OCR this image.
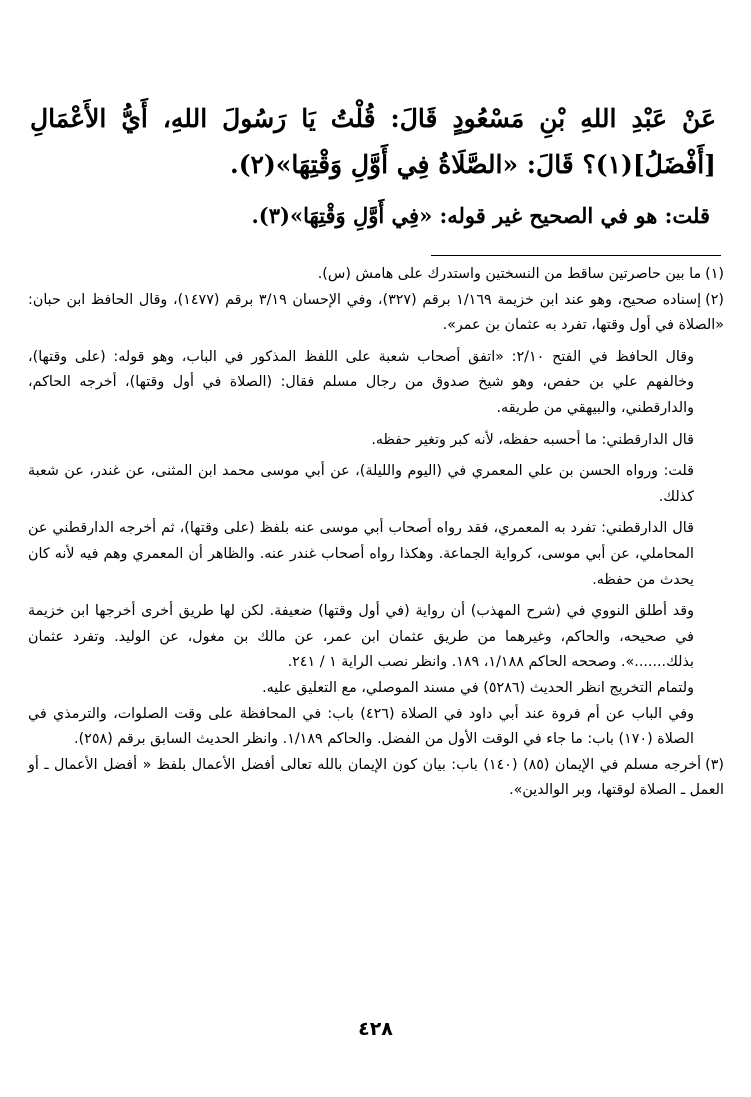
عَنْ عَبْدِ اللهِ بْنِ مَسْعُودٍ قَالَ: قُلْتُ يَا رَسُولَ اللهِ، أَيُّ الأَعْمَالِ [أَفْضَلُ](١)؟ قَالَ: «الصَّلَاةُ فِي أَوَّلِ وَقْتِهَا»(٢).

قلت: هو في الصحيح غير قوله: «فِي أَوَّلِ وَقْتِهَا»(٣).

(١)ما بين حاصرتين ساقط من النسختين واستدرك على هامش (س).
(٢)إسناده صحيح، وهو عند ابن خزيمة ١/١٦٩ برقم (٣٢٧)، وفي الإحسان ٣/١٩ برقم (١٤٧٧)، وقال الحافظ ابن حبان: «الصلاة في أول وقتها، تفرد به عثمان بن عمر».

وقال الحافظ في الفتح ٢/١٠: «اتفق أصحاب شعبة على اللفظ المذكور في الباب، وهو قوله: (على وقتها)، وخالفهم علي بن حفص، وهو شيخ صدوق من رجال مسلم فقال: (الصلاة في أول وقتها)، أخرجه الحاكم، والدارقطني، والبيهقي من طريقه.

قال الدارقطني: ما أحسبه حفظه، لأنه كبر وتغير حفظه.

قلت: ورواه الحسن بن علي المعمري في (اليوم والليلة)، عن أبي موسى محمد ابن المثنى، عن غندر، عن شعبة كذلك.

قال الدارقطني: تفرد به المعمري، فقد رواه أصحاب أبي موسى عنه بلفظ (على وقتها)، ثم أخرجه الدارقطني عن المحاملي، عن أبي موسى، كرواية الجماعة. وهكذا رواه أصحاب غندر عنه. والظاهر أن المعمري وهم فيه لأنه كان يحدث من حفظه.

وقد أطلق النووي في (شرح المهذب) أن رواية (في أول وقتها) ضعيفة. لكن لها طريق أخرى أخرجها ابن خزيمة في صحيحه، والحاكم، وغيرهما من طريق عثمان ابن عمر، عن مالك بن مغول، عن الوليد. وتفرد عثمان بذلك.......». وصححه الحاكم ١/١٨٨، ١٨٩. وانظر نصب الراية ١ / ٢٤١.

ولتمام التخريج انظر الحديث (٥٢٨٦) في مسند الموصلي، مع التعليق عليه.

وفي الباب عن أم فروة عند أبي داود في الصلاة (٤٢٦) باب: في المحافظة على وقت الصلوات، والترمذي في الصلاة (١٧٠) باب: ما جاء في الوقت الأول من الفضل. والحاكم ١/١٨٩. وانظر الحديث السابق برقم (٢٥٨).

(٣)أخرجه مسلم في الإيمان (٨٥) (١٤٠) باب: بيان كون الإيمان بالله تعالى أفضل الأعمال بلفظ « أفضل الأعمال ـ أو العمل ـ الصلاة لوقتها، وبر الوالدين».
٤٢٨
